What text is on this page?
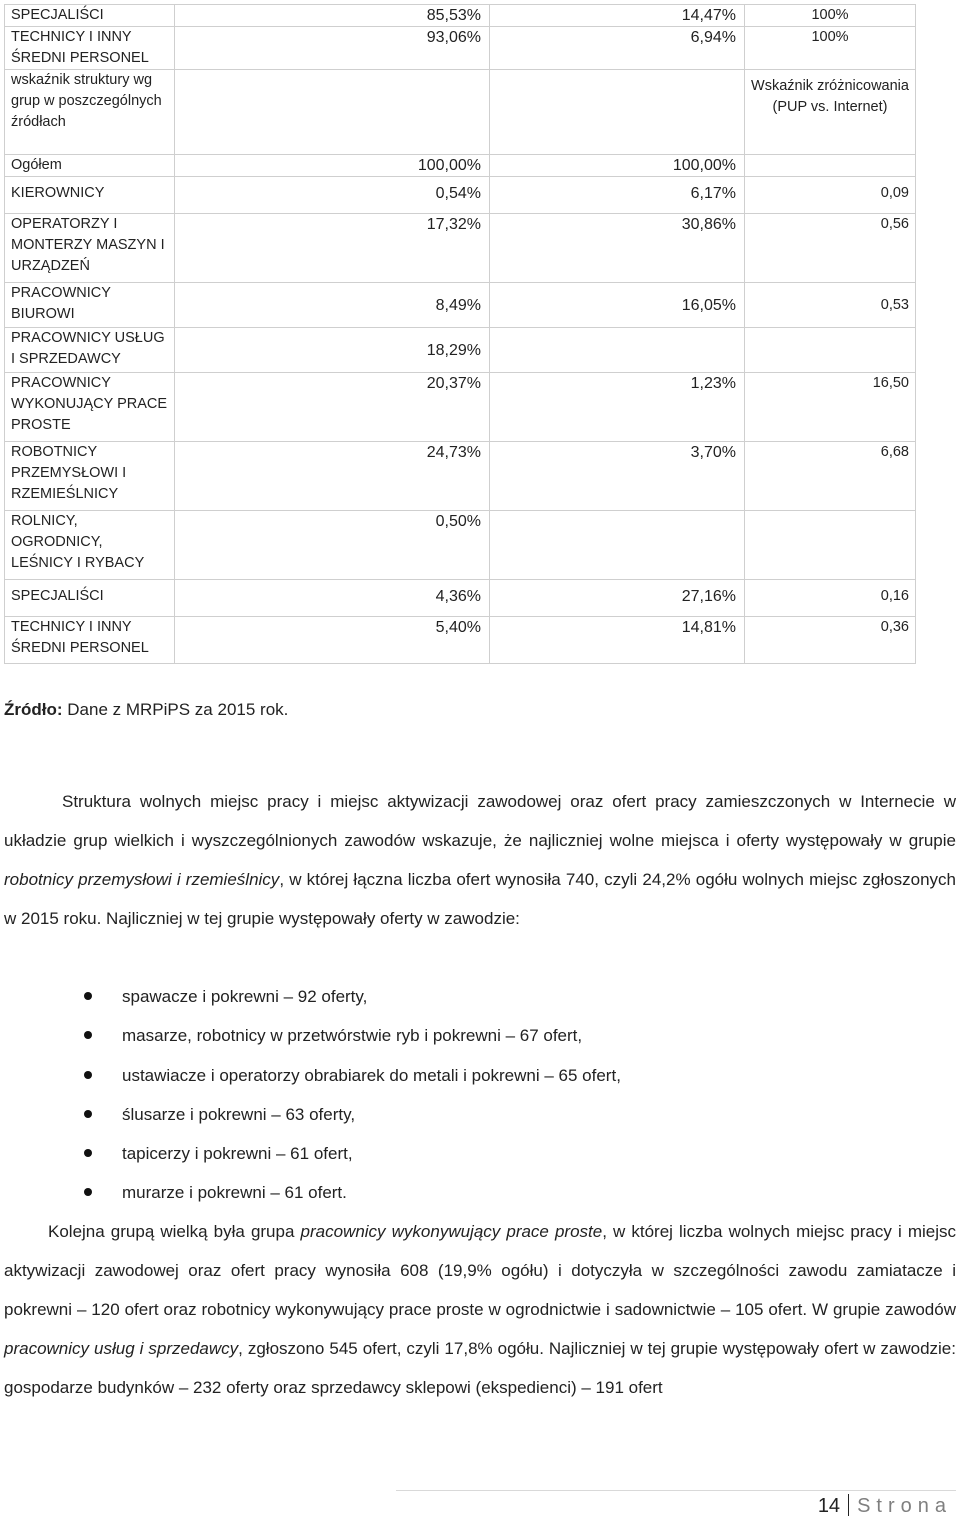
SPECJALIŚCI	85,53%	14,47%	100%
TECHNICY I INNY ŚREDNI PERSONEL	93,06%	6,94%	100%
wskaźnik struktury wg grup w poszczególnych źródłach			Wskaźnik zróżnicowania (PUP vs. Internet)
Ogółem	100,00%	100,00%	
KIEROWNICY	0,54%	6,17%	0,09
OPERATORZY I MONTERZY MASZYN I URZĄDZEŃ	17,32%	30,86%	0,56
PRACOWNICY BIUROWI	8,49%	16,05%	0,53
PRACOWNICY USŁUG I SPRZEDAWCY	18,29%		
PRACOWNICY WYKONUJĄCY PRACE PROSTE	20,37%	1,23%	16,50
ROBOTNICY PRZEMYSŁOWI I RZEMIEŚLNICY	24,73%	3,70%	6,68
ROLNICY, OGRODNICY, LEŚNICY I RYBACY	0,50%		
SPECJALIŚCI	4,36%	27,16%	0,16
TECHNICY I INNY ŚREDNI PERSONEL	5,40%	14,81%	0,36
Źródło: Dane z MRPiPS za 2015 rok.
Struktura wolnych miejsc pracy i miejsc aktywizacji zawodowej oraz ofert pracy zamieszczonych w Internecie w układzie grup wielkich i wyszczególnionych zawodów wskazuje, że najliczniej wolne miejsca i oferty występowały w grupie robotnicy przemysłowi i rzemieślnicy, w której łączna liczba ofert wynosiła 740, czyli 24,2% ogółu wolnych miejsc zgłoszonych w 2015 roku. Najliczniej w tej grupie występowały oferty w zawodzie:
spawacze i pokrewni – 92 oferty,
masarze, robotnicy w przetwórstwie ryb i pokrewni – 67 ofert,
ustawiacze i operatorzy obrabiarek do metali i pokrewni – 65 ofert,
ślusarze i pokrewni – 63 oferty,
tapicerzy i pokrewni – 61 ofert,
murarze i pokrewni – 61 ofert.
Kolejna grupą wielką była grupa pracownicy wykonywujący prace proste, w której liczba wolnych miejsc pracy i miejsc aktywizacji zawodowej oraz ofert pracy wynosiła 608 (19,9% ogółu) i dotyczyła w szczególności zawodu zamiatacze i pokrewni – 120 ofert oraz robotnicy wykonywujący prace proste w ogrodnictwie i sadownictwie – 105 ofert. W grupie zawodów pracownicy usług i sprzedawcy, zgłoszono 545 ofert, czyli 17,8% ogółu. Najliczniej w tej grupie występowały ofert w zawodzie: gospodarze budynków – 232 oferty oraz sprzedawcy sklepowi (ekspedienci) – 191 ofert
14 Strona
